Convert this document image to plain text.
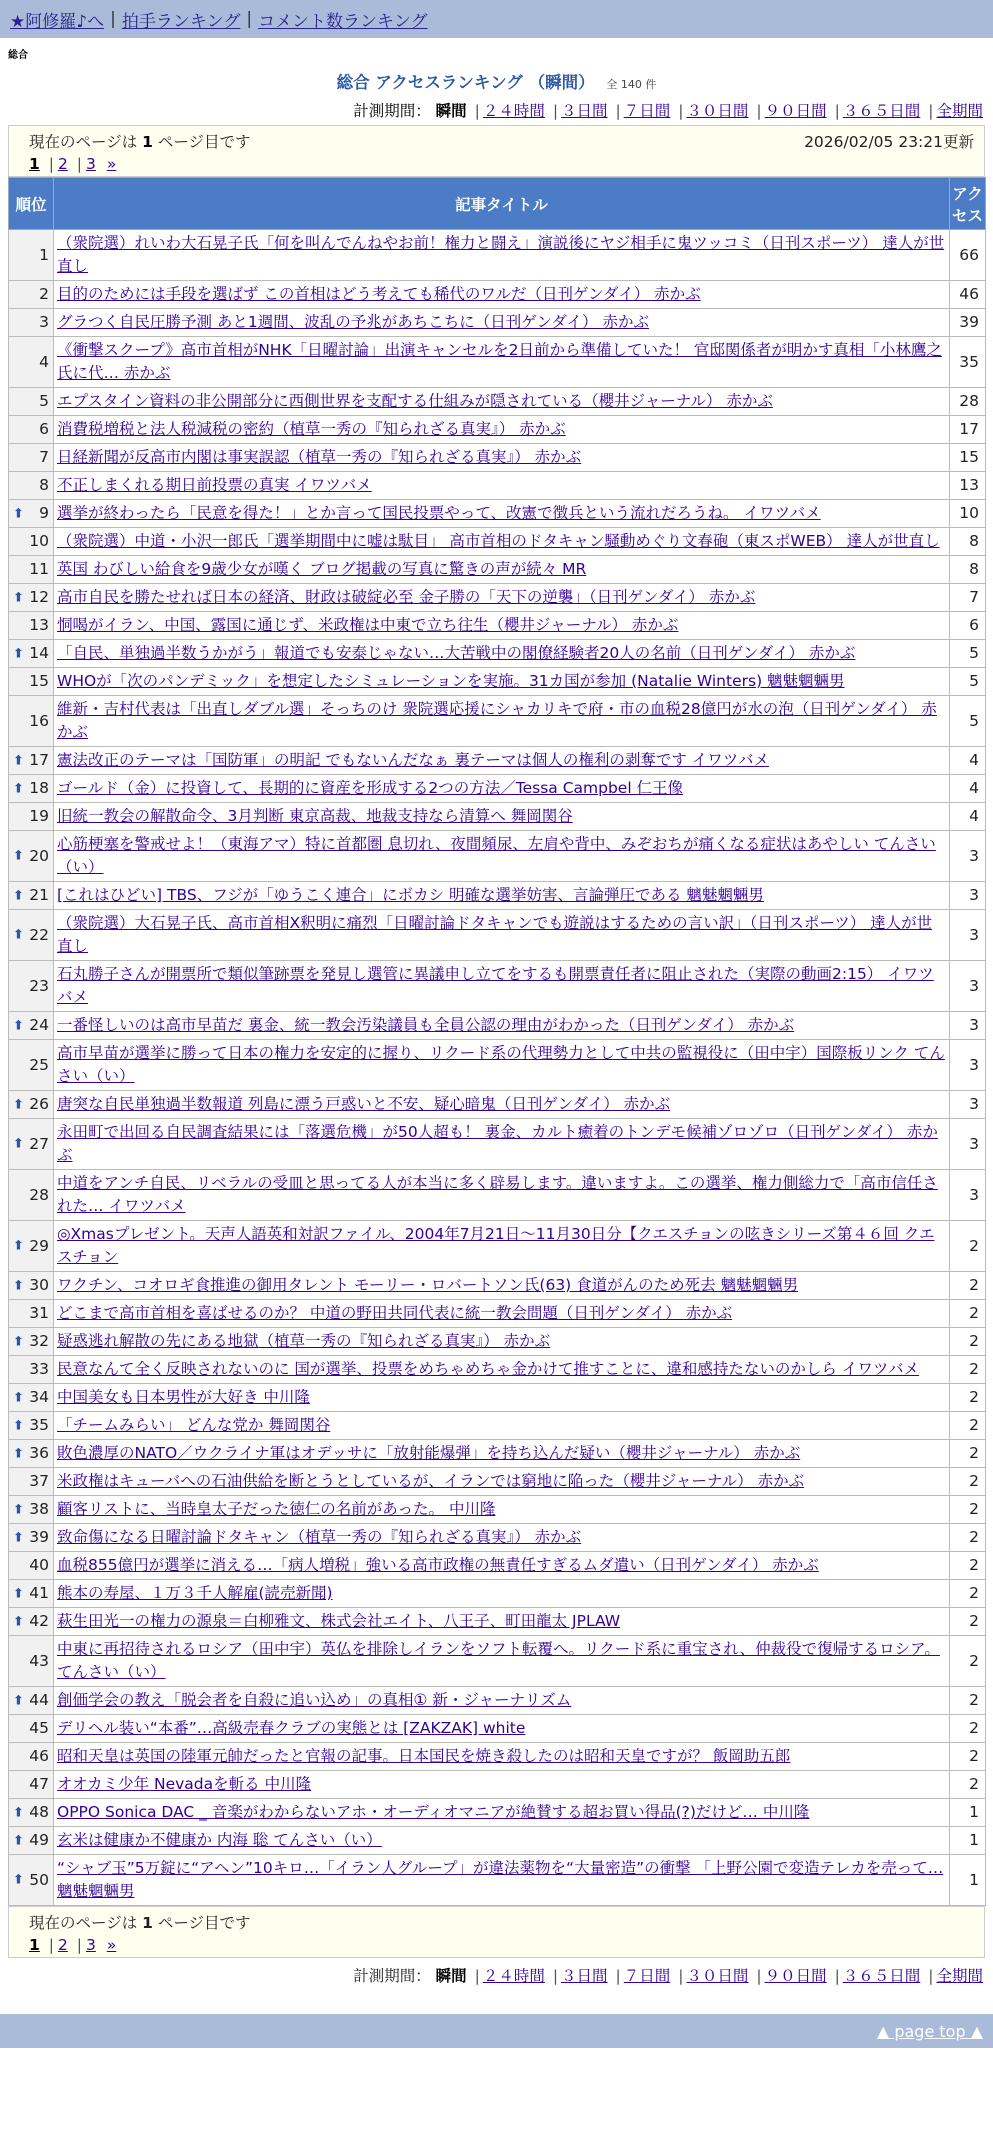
★阿修羅♪へ | 拍手ランキング | コメント数ランキング
総合
総合 アクセスランキング （瞬間） 全 140 件
計測期間： 瞬間 | ２４時間 | ３日間 | ７日間 | ３０日間 | ９０日間 | ３６５日間 | 全期間
現在のページは 1 ページ目です	2026/02/05 23:21更新
1 | 2 | 3 »
順位	記事タイトル	アクセス
1	（衆院選）れいわ大石晃子氏「何を叫んでんねやお前！権力と闘え」演説後にヤジ相手に鬼ツッコミ（日刊スポーツ） 達人が世直し	66
2	目的のためには手段を選ばず この首相はどう考えても稀代のワルだ（日刊ゲンダイ） 赤かぶ	46
3	グラつく自民圧勝予測 あと1週間、波乱の予兆があちこちに（日刊ゲンダイ） 赤かぶ	39
4	《衝撃スクープ》高市首相がNHK「日曜討論」出演キャンセルを2日前から準備していた！ 官邸関係者が明かす真相「小林鷹之氏に代… 赤かぶ	35
5	エプスタイン資料の非公開部分に西側世界を支配する仕組みが隠されている（櫻井ジャーナル） 赤かぶ	28
6	消費税増税と法人税減税の密約（植草一秀の『知られざる真実』） 赤かぶ	17
7	日経新聞が反高市内閣は事実誤認（植草一秀の『知られざる真実』） 赤かぶ	15
8	不正しまくれる期日前投票の真実 イワツバメ	13

⬆ 9	選挙が終わったら「民意を得た！」とか言って国民投票やって、改憲で徴兵という流れだろうね。 イワツバメ	10
10	（衆院選）中道・小沢一郎氏「選挙期間中に嘘は駄目」 高市首相のドタキャン騒動めぐり文春砲（東スポWEB） 達人が世直し	8
11	英国 わびしい給食を9歳少女が嘆く ブログ掲載の写真に驚きの声が続々 MR	8

⬆ 12	高市自民を勝たせれば日本の経済、財政は破綻必至 金子勝の「天下の逆襲」（日刊ゲンダイ） 赤かぶ	7
13	恫喝がイラン、中国、露国に通じず、米政権は中東で立ち往生（櫻井ジャーナル） 赤かぶ	6

⬆ 14	「自民、単独過半数うかがう」報道でも安泰じゃない…大苦戦中の閣僚経験者20人の名前（日刊ゲンダイ） 赤かぶ	5
15	WHOが「次のパンデミック」を想定したシミュレーションを実施。31カ国が参加 (Natalie Winters) 魑魅魍魎男	5
16	維新・吉村代表は「出直しダブル選」そっちのけ 衆院選応援にシャカリキで府・市の血税28億円が水の泡（日刊ゲンダイ） 赤かぶ	5

⬆ 17	憲法改正のテーマは「国防軍」の明記 でもないんだなぁ 裏テーマは個人の権利の剥奪です イワツバメ	4

⬆ 18	ゴールド（金）に投資して、長期的に資産を形成する2つの方法／Tessa Campbel 仁王像	4
19	旧統一教会の解散命令、3月判断 東京高裁、地裁支持なら清算へ 舞岡関谷	4

⬆ 20	心筋梗塞を警戒せよ！（東海アマ）特に首都圏 息切れ、夜間頻尿、左肩や背中、みぞおちが痛くなる症状はあやしい てんさい（い）	3

⬆ 21	[これはひどい] TBS、フジが「ゆうこく連合」にボカシ 明確な選挙妨害、言論弾圧である 魑魅魍魎男	3

⬆ 22	（衆院選）大石晃子氏、高市首相X釈明に痛烈「日曜討論ドタキャンでも遊説はするための言い訳」（日刊スポーツ） 達人が世直し	3
23	石丸勝子さんが開票所で類似筆跡票を発見し選管に異議申し立てをするも開票責任者に阻止された（実際の動画2:15） イワツバメ	3

⬆ 24	一番怪しいのは高市早苗だ 裏金、統一教会汚染議員も全員公認の理由がわかった（日刊ゲンダイ） 赤かぶ	3
25	高市早苗が選挙に勝って日本の権力を安定的に握り、リクード系の代理勢力として中共の監視役に（田中宇）国際板リンク てんさい（い）	3

⬆ 26	唐突な自民単独過半数報道 列島に漂う戸惑いと不安、疑心暗鬼（日刊ゲンダイ） 赤かぶ	3

⬆ 27	永田町で出回る自民調査結果には「落選危機」が50人超も！ 裏金、カルト癒着のトンデモ候補ゾロゾロ（日刊ゲンダイ） 赤かぶ	3
28	中道をアンチ自民、リベラルの受皿と思ってる人が本当に多く辟易します。違いますよ。この選挙、権力側総力で「高市信任された… イワツバメ	3

⬆ 29	◎Xmasプレゼント。天声人語英和対訳ファイル、2004年7月21日～11月30日分【クエスチョンの呟きシリーズ第４６回 クエスチョン	2

⬆ 30	ワクチン、コオロギ食推進の御用タレント モーリー・ロバートソン氏(63) 食道がんのため死去 魑魅魍魎男	2
31	どこまで高市首相を喜ばせるのか？ 中道の野田共同代表に統一教会問題（日刊ゲンダイ） 赤かぶ	2

⬆ 32	疑惑逃れ解散の先にある地獄（植草一秀の『知られざる真実』） 赤かぶ	2
33	民意なんて全く反映されないのに 国が選挙、投票をめちゃめちゃ金かけて推すことに、違和感持たないのかしら イワツバメ	2

⬆ 34	中国美女も日本男性が大好き 中川隆	2

⬆ 35	「チームみらい」 どんな党か 舞岡関谷	2

⬆ 36	敗色濃厚のNATO／ウクライナ軍はオデッサに「放射能爆弾」を持ち込んだ疑い（櫻井ジャーナル） 赤かぶ	2
37	米政権はキューバへの石油供給を断とうとしているが、イランでは窮地に陥った（櫻井ジャーナル） 赤かぶ	2

⬆ 38	顧客リストに、当時皇太子だった徳仁の名前があった。 中川隆	2

⬆ 39	致命傷になる日曜討論ドタキャン（植草一秀の『知られざる真実』） 赤かぶ	2
40	血税855億円が選挙に消える…「病人増税」強いる高市政権の無責任すぎるムダ遣い（日刊ゲンダイ） 赤かぶ	2

⬆ 41	熊本の寿屋、１万３千人解雇(読売新聞)	2

⬆ 42	萩生田光一の権力の源泉＝白柳雅文、株式会社エイト、八王子、町田龍太 JPLAW	2
43	中東に再招待されるロシア（田中宇）英仏を排除しイランをソフト転覆へ。リクード系に重宝され、仲裁役で復帰するロシア。 てんさい（い）	2

⬆ 44	創価学会の教え「脱会者を自殺に追い込め」の真相① 新・ジャーナリズム	2
45	デリヘル装い“本番”…高級売春クラブの実態とは [ZAKZAK] white	2
46	昭和天皇は英国の陸軍元帥だったと官報の記事。日本国民を焼き殺したのは昭和天皇ですが？ 飯岡助五郎	2
47	オオカミ少年 Nevadaを斬る 中川隆	2

⬆ 48	OPPO Sonica DAC _ 音楽がわからないアホ・オーディオマニアが絶賛する超お買い得品(?)だけど… 中川隆	1

⬆ 49	玄米は健康か不健康か 内海 聡 てんさい（い）	1

⬆ 50	“シャブ玉”5万錠に“アヘン”10キロ…「イラン人グループ」が違法薬物を“大量密造”の衝撃 「上野公園で変造テレカを売って… 魑魅魍魎男	1
現在のページは 1 ページ目です
1 | 2 | 3 »
計測期間： 瞬間 | ２４時間 | ３日間 | ７日間 | ３０日間 | ９０日間 | ３６５日間 | 全期間
▲ page top ▲
